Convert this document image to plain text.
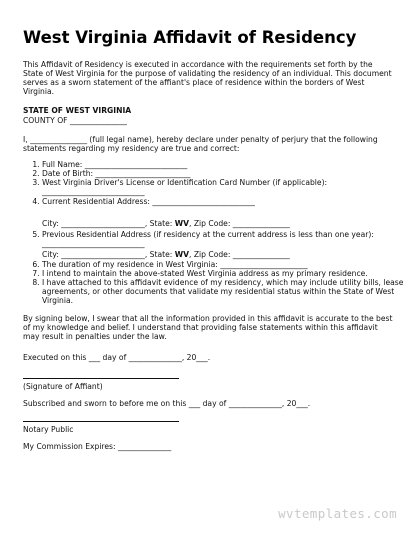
West Virginia Affidavit of Residency
This Affidavit of Residency is executed in accordance with the requirements set forth by the State of West Virginia for the purpose of validating the residency of an individual. This document serves as a sworn statement of the affiant's place of residence within the borders of West Virginia.
STATE OF WEST VIRGINIA
COUNTY OF _______________
I, _______________ (full legal name), hereby declare under penalty of perjury that the following statements regarding my residency are true and correct:
1. Full Name: ___________________________
2. Date of Birth: _________________________
3. West Virginia Driver's License or Identification Card Number (if applicable): ___________________________
4. Current Residential Address: ___________________________
City: ______________________, State: WV, Zip Code: _______________
5. Previous Residential Address (if residency at the current address is less than one year): ___________________________
City: ______________________, State: WV, Zip Code: _______________
6. The duration of my residence in West Virginia: _______________________
7. I intend to maintain the above-stated West Virginia address as my primary residence.
8. I have attached to this affidavit evidence of my residency, which may include utility bills, lease agreements, or other documents that validate my residential status within the State of West Virginia.
By signing below, I swear that all the information provided in this affidavit is accurate to the best of my knowledge and belief. I understand that providing false statements within this affidavit may result in penalties under the law.
Executed on this ___ day of ______________, 20___.
(Signature of Affiant)
Subscribed and sworn to before me on this ___ day of ______________, 20___.
Notary Public
My Commission Expires: ______________
wvtemplates.com
